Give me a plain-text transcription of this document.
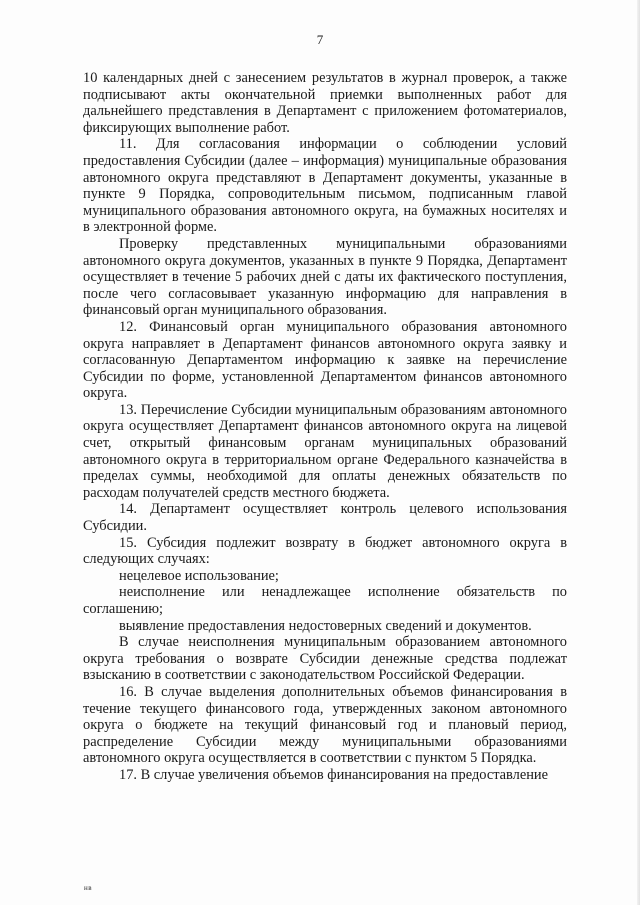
7

10 календарных дней с занесением результатов в журнал проверок, а также подписывают акты окончательной приемки выполненных работ для дальнейшего представления в Департамент с приложением фотоматериалов, фиксирующих выполнение работ.

11. Для согласования информации о соблюдении условий предоставления Субсидии (далее – информация) муниципальные образования автономного округа представляют в Департамент документы, указанные в пункте 9 Порядка, сопроводительным письмом, подписанным главой муниципального образования автономного округа, на бумажных носителях и в электронной форме.

Проверку представленных муниципальными образованиями автономного округа документов, указанных в пункте 9 Порядка, Департамент осуществляет в течение 5 рабочих дней с даты их фактического поступления, после чего согласовывает указанную информацию для направления в финансовый орган муниципального образования.

12. Финансовый орган муниципального образования автономного округа направляет в Департамент финансов автономного округа заявку и согласованную Департаментом информацию к заявке на перечисление Субсидии по форме, установленной Департаментом финансов автономного округа.

13. Перечисление Субсидии муниципальным образованиям автономного округа осуществляет Департамент финансов автономного округа на лицевой счет, открытый финансовым органам муниципальных образований автономного округа в территориальном органе Федерального казначейства в пределах суммы, необходимой для оплаты денежных обязательств по расходам получателей средств местного бюджета.

14. Департамент осуществляет контроль целевого использования Субсидии.

15. Субсидия подлежит возврату в бюджет автономного округа в следующих случаях:

нецелевое использование;

неисполнение или ненадлежащее исполнение обязательств по соглашению;

выявление предоставления недостоверных сведений и документов.

В случае неисполнения муниципальным образованием автономного округа требования о возврате Субсидии денежные средства подлежат взысканию в соответствии с законодательством Российской Федерации.

16. В случае выделения дополнительных объемов финансирования в течение текущего финансового года, утвержденных законом автономного округа о бюджете на текущий финансовый год и плановый период, распределение Субсидии между муниципальными образованиями автономного округа осуществляется в соответствии с пунктом 5 Порядка.

17. В случае увеличения объемов финансирования на предоставление

нв
